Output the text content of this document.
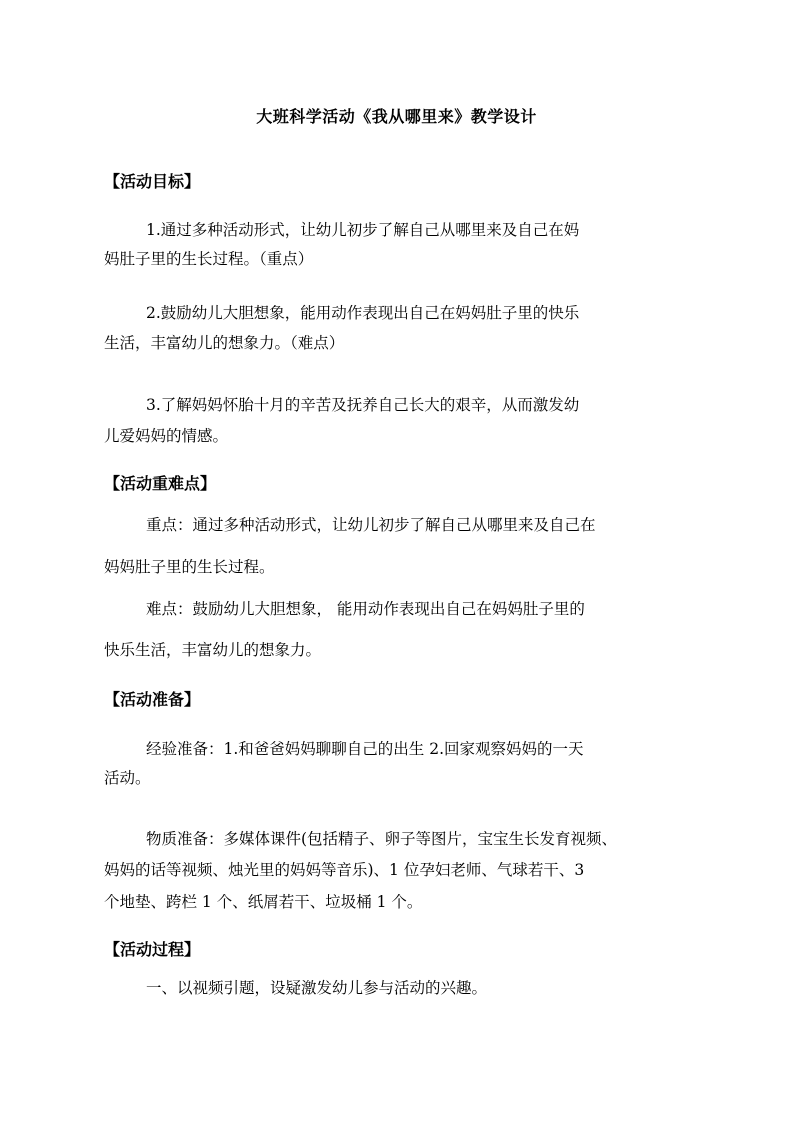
大班科学活动《我从哪里来》教学设计
【活动目标】
1.通过多种活动形式，让幼儿初步了解自己从哪里来及自己在妈
妈肚子里的生长过程。（重点）
2.鼓励幼儿大胆想象，能用动作表现出自己在妈妈肚子里的快乐
生活，丰富幼儿的想象力。（难点）
3.了解妈妈怀胎十月的辛苦及抚养自己长大的艰辛，从而激发幼
儿爱妈妈的情感。
【活动重难点】
重点：通过多种活动形式，让幼儿初步了解自己从哪里来及自己在
妈妈肚子里的生长过程。
难点：鼓励幼儿大胆想象， 能用动作表现出自己在妈妈肚子里的
快乐生活，丰富幼儿的想象力。
【活动准备】
经验准备：1.和爸爸妈妈聊聊自己的出生 2.回家观察妈妈的一天
活动。
物质准备：多媒体课件(包括精子、卵子等图片，宝宝生长发育视频、
妈妈的话等视频、烛光里的妈妈等音乐)、1 位孕妇老师、气球若干、3
个地垫、跨栏 1 个、纸屑若干、垃圾桶 1 个。
【活动过程】
一、以视频引题，设疑激发幼儿参与活动的兴趣。
